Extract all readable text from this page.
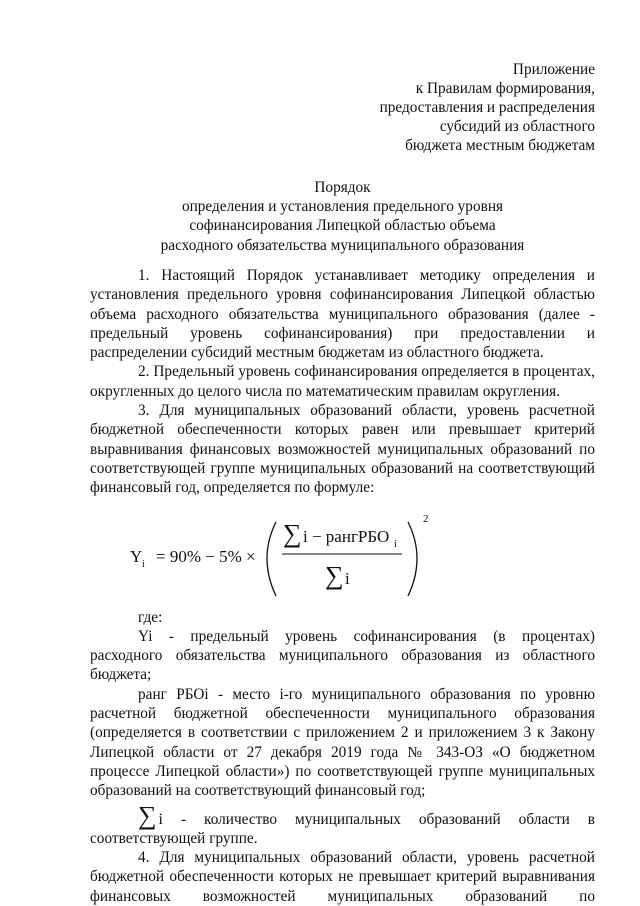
Приложение
к Правилам формирования,
предоставления и распределения
субсидий из областного
бюджета местным бюджетам
Порядок
определения и установления предельного уровня
софинансирования Липецкой областью объема
расходного обязательства муниципального образования

1. Настоящий Порядок устанавливает методику определения и установления предельного уровня софинансирования Липецкой областью объема расходного обязательства муниципального образования (далее - предельный уровень софинансирования) при предоставлении и распределении субсидий местным бюджетам из областного бюджета.

2. Предельный уровень софинансирования определяется в процентах, округленных до целого числа по математическим правилам округления.

3. Для муниципальных образований области, уровень расчетной бюджетной обеспеченности которых равен или превышает критерий выравнивания финансовых возможностей муниципальных образований по соответствующей группе муниципальных образований на соответствующий финансовый год, определяется по формуле:

Y i = 90% − 5% ×
∑ i − рангРБО i
∑ i
2

где:

Yi - предельный уровень софинансирования (в процентах) расходного обязательства муниципального образования из областного бюджета;

ранг РБОi - место i-го муниципального образования по уровню расчетной бюджетной обеспеченности муниципального образования (определяется в соответствии с приложением 2 и приложением 3 к Закону Липецкой области от 27 декабря 2019 года № 343-ОЗ «О бюджетном процессе Липецкой области») по соответствующей группе муниципальных образований на соответствующий финансовый год;

∑ i - количество муниципальных образований области в

соответствующей группе.

4. Для муниципальных образований области, уровень расчетной бюджетной обеспеченности которых не превышает критерий выравнивания финансовых возможностей муниципальных образований по
